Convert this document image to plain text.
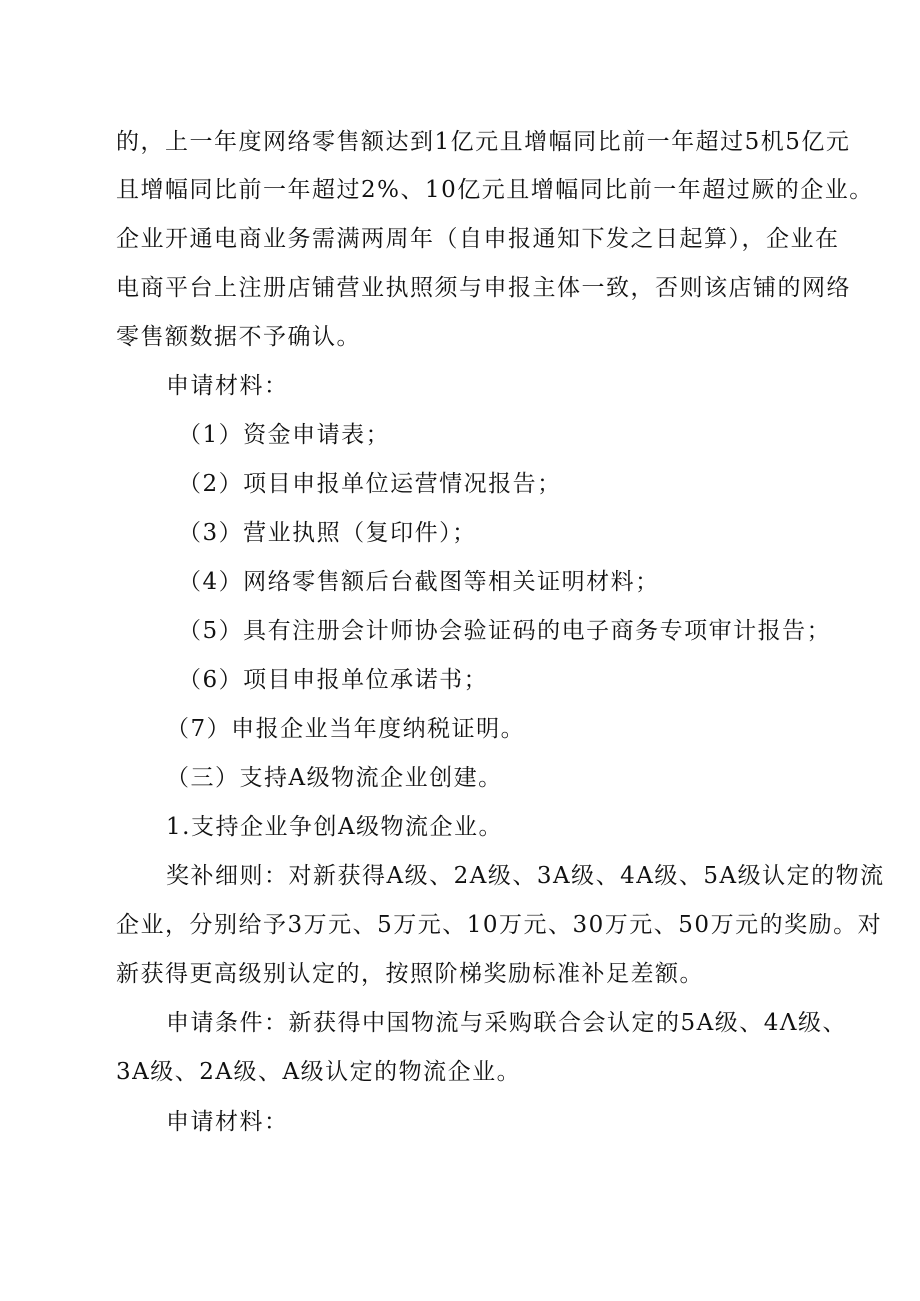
的，上一年度网络零售额达到1亿元且增幅同比前一年超过5机5亿元
且增幅同比前一年超过2%、10亿元且增幅同比前一年超过厥的企业。
企业开通电商业务需满两周年（自申报通知下发之日起算），企业在
电商平台上注册店铺营业执照须与申报主体一致，否则该店铺的网络
零售额数据不予确认。
申请材料：
（1）资金申请表；
（2）项目申报单位运营情况报告；
（3）营业执照（复印件）；
（4）网络零售额后台截图等相关证明材料；
（5）具有注册会计师协会验证码的电子商务专项审计报告；
（6）项目申报单位承诺书；
（7）申报企业当年度纳税证明。
（三）支持A级物流企业创建。
1.支持企业争创A级物流企业。
奖补细则：对新获得A级、2A级、3A级、4A级、5A级认定的物流
企业，分别给予3万元、5万元、10万元、30万元、50万元的奖励。对
新获得更高级别认定的，按照阶梯奖励标准补足差额。
申请条件：新获得中国物流与采购联合会认定的5A级、4Λ级、
3A级、2A级、A级认定的物流企业。
申请材料：
